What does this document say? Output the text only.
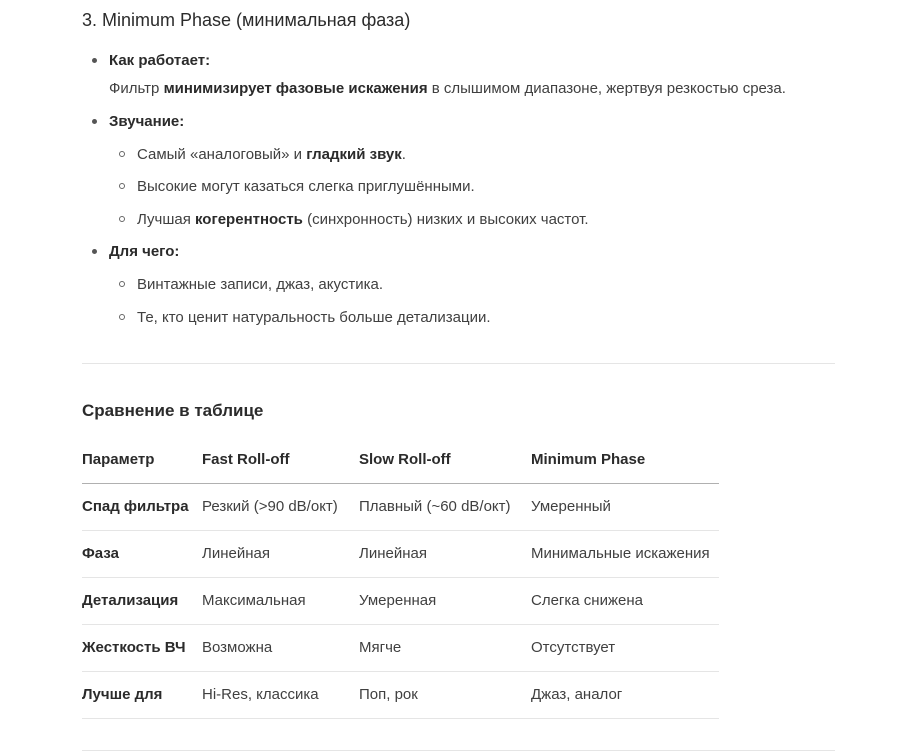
3. Minimum Phase (минимальная фаза)
Как работает:
Фильтр минимизирует фазовые искажения в слышимом диапазоне, жертвуя резкостью среза.
Звучание:
Самый «аналоговый» и гладкий звук.
Высокие могут казаться слегка приглушёнными.
Лучшая когерентность (синхронность) низких и высоких частот.
Для чего:
Винтажные записи, джаз, акустика.
Те, кто ценит натуральность больше детализации.
Сравнение в таблице
Параметр	Fast Roll-off	Slow Roll-off	Minimum Phase
Спад фильтра	Резкий (>90 dB/окт)	Плавный (~60 dB/окт)	Умеренный
Фаза	Линейная	Линейная	Минимальные искажения
Детализация	Максимальная	Умеренная	Слегка снижена
Жесткость ВЧ	Возможна	Мягче	Отсутствует
Лучше для	Hi-Res, классика	Поп, рок	Джаз, аналог
